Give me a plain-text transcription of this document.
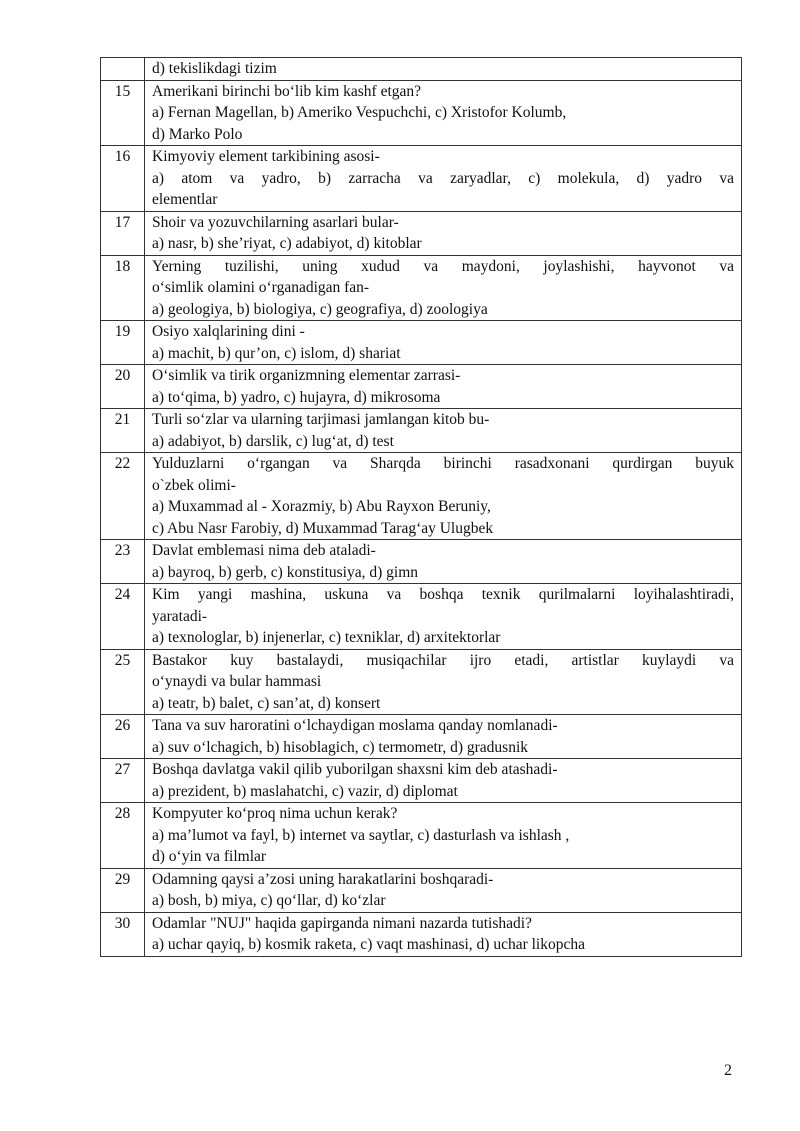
	d) tekislikdagi tizim

15	Amerikani birinchi bo‘lib kim kashf etgan?
a) Fernan Magellan, b) Ameriko Vespuchchi, c) Xristofor Kolumb,
d) Marko Polo

16	Kimyoviy element tarkibining asosi-
a) atom va yadro, b) zarracha va zaryadlar, c) molekula, d) yadro va
elementlar

17	Shoir va yozuvchilarning asarlari bular-
a) nasr, b) she’riyat, c) adabiyot, d) kitoblar

18	Yerning tuzilishi, uning xudud va maydoni, joylashishi, hayvonot va
o‘simlik olamini o‘rganadigan fan-
a) geologiya, b) biologiya, c) geografiya, d) zoologiya

19	Osiyo xalqlarining dini -
a) machit, b) qur’on, c) islom, d) shariat

20	O‘simlik va tirik organizmning elementar zarrasi-
a) to‘qima, b) yadro, c) hujayra, d) mikrosoma

21	Turli so‘zlar va ularning tarjimasi jamlangan kitob bu-
a) adabiyot, b) darslik, c) lug‘at, d) test

22	Yulduzlarni o‘rgangan va Sharqda birinchi rasadxonani qurdirgan buyuk
o`zbek olimi-
a) Muxammad al - Xorazmiy, b) Abu Rayxon Beruniy,
c) Abu Nasr Farobiy, d) Muxammad Tarag‘ay Ulugbek

23	Davlat emblemasi nima deb ataladi-
a) bayroq, b) gerb, c) konstitusiya, d) gimn

24	Kim yangi mashina, uskuna va boshqa texnik qurilmalarni loyihalashtiradi,
yaratadi-
a) texnologlar, b) injenerlar, c) texniklar, d) arxitektorlar

25	Bastakor kuy bastalaydi, musiqachilar ijro etadi, artistlar kuylaydi va
o‘ynaydi va bular hammasi
a) teatr, b) balet, c) san’at, d) konsert

26	Tana va suv haroratini o‘lchaydigan moslama qanday nomlanadi-
a) suv o‘lchagich, b) hisoblagich, c) termometr, d) gradusnik

27	Boshqa davlatga vakil qilib yuborilgan shaxsni kim deb atashadi-
a) prezident, b) maslahatchi, c) vazir, d) diplomat

28	Kompyuter ko‘proq nima uchun kerak?
a) ma’lumot va fayl, b) internet va saytlar, c) dasturlash va ishlash ,
d) o‘yin va filmlar

29	Odamning qaysi a’zosi uning harakatlarini boshqaradi-
a) bosh, b) miya, c) qo‘llar, d) ko‘zlar

30	Odamlar "NUJ" haqida gapirganda nimani nazarda tutishadi?
a) uchar qayiq, b) kosmik raketa, c) vaqt mashinasi, d) uchar likopcha
2
